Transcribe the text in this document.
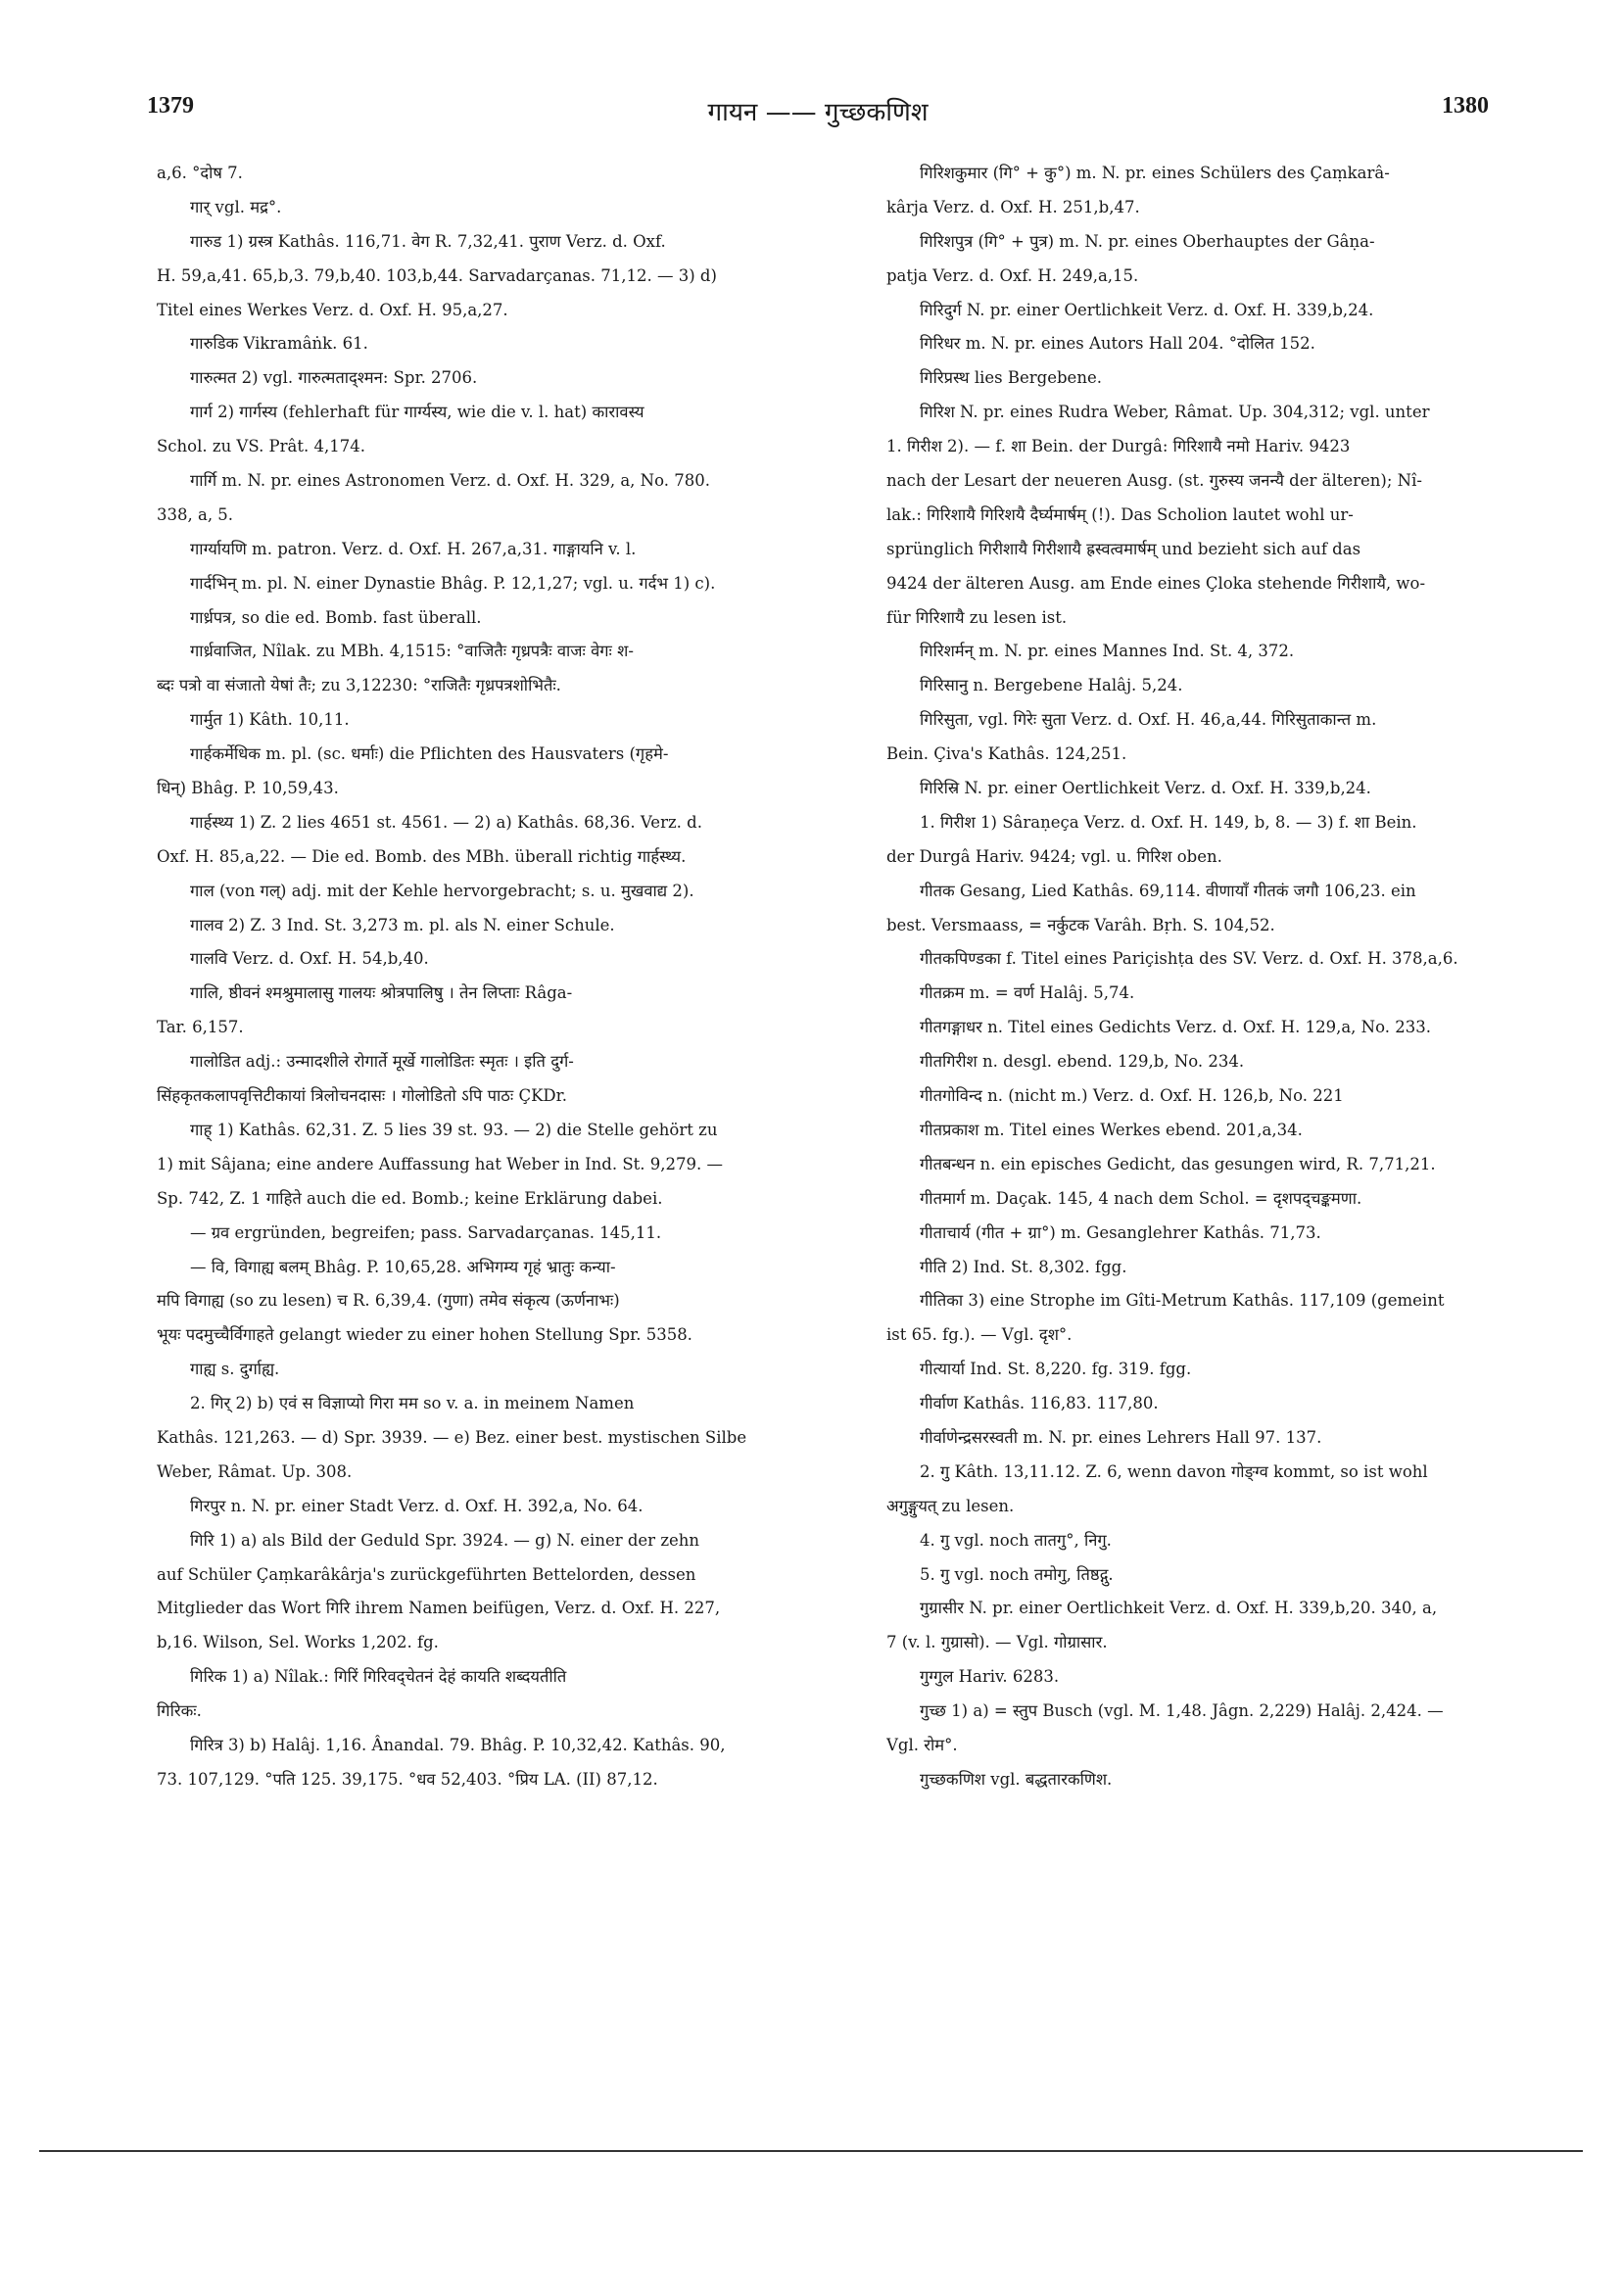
1379	गायन —— गुच्छकणिश	1380
a,6. °दोष 7.
गार् vgl. मद्र°.
गारुड 1) ग्रस्त्र Kathâs. 116,71. वेग R. 7,32,41. पुराण Verz. d. Oxf.
H. 59,a,41. 65,b,3. 79,b,40. 103,b,44. Sarvadarçanas. 71,12. — 3) d)
Titel eines Werkes Verz. d. Oxf. H. 95,a,27.
गारुडिक Vikramâṅk. 61.
गारुत्मत 2) vgl. गारुत्मताद्श्मन: Spr. 2706.
गार्ग 2) गार्गस्य (fehlerhaft für गार्ग्यस्य, wie die v. l. hat) कारावस्य
Schol. zu VS. Prât. 4,174.
गार्गि m. N. pr. eines Astronomen Verz. d. Oxf. H. 329, a, No. 780.
338, a, 5.
गार्ग्यायणि m. patron. Verz. d. Oxf. H. 267,a,31. गाङ्गायनि v. l.
गार्दभिन् m. pl. N. einer Dynastie Bhâg. P. 12,1,27; vgl. u. गर्दभ 1) c).
गार्ध्रपत्र, so die ed. Bomb. fast überall.
गार्ध्रवाजित, Nîlak. zu MBh. 4,1515: °वाजितैः गृध्रपत्रैः वाजः वेगः श-
ब्दः पत्रो वा संजातो येषां तैः; zu 3,12230: °राजितैः गृध्रपत्रशोभितैः.
गार्मुत 1) Kâth. 10,11.
गार्हकर्मेधिक m. pl. (sc. धर्माः) die Pflichten des Hausvaters (गृहमे-
धिन्) Bhâg. P. 10,59,43.
गार्हस्थ्य 1) Z. 2 lies 4651 st. 4561. — 2) a) Kathâs. 68,36. Verz. d.
Oxf. H. 85,a,22. — Die ed. Bomb. des MBh. überall richtig गार्हस्थ्य.
गाल (von गल्) adj. mit der Kehle hervorgebracht; s. u. मुखवाद्य 2).
गालव 2) Z. 3 Ind. St. 3,273 m. pl. als N. einer Schule.
गालवि Verz. d. Oxf. H. 54,b,40.
गालि, ष्ठीवनं श्मश्रुमालासु गालयः श्रोत्रपालिषु । तेन लिप्ताः Râga-
Tar. 6,157.
गालोडित adj.: उन्मादशीले रोगार्ते मूर्खे गालोडितः स्मृतः । इति दुर्ग-
सिंहकृतकलापवृत्तिटीकायां त्रिलोचनदासः । गोलोडितो ऽपि पाठः ÇKDr.
गाह् 1) Kathâs. 62,31. Z. 5 lies 39 st. 93. — 2) die Stelle gehört zu
1) mit Sâjana; eine andere Auffassung hat Weber in Ind. St. 9,279. —
Sp. 742, Z. 1 गाहिते auch die ed. Bomb.; keine Erklärung dabei.
— ग्रव ergründen, begreifen; pass. Sarvadarçanas. 145,11.
— वि, विगाह्य बलम् Bhâg. P. 10,65,28. अभिगम्य गृहं भ्रातुः कन्या-
मपि विगाह्य (so zu lesen) च R. 6,39,4. (गुणा) तमेव संकृत्य (ऊर्णनाभः)
भूयः पदमुच्चैर्विगाहते gelangt wieder zu einer hohen Stellung Spr. 5358.
गाह्य s. दुर्गाह्य.
2. गिर् 2) b) एवं स विज्ञाप्यो गिरा मम so v. a. in meinem Namen
Kathâs. 121,263. — d) Spr. 3939. — e) Bez. einer best. mystischen Silbe
Weber, Râmat. Up. 308.
गिरपुर n. N. pr. einer Stadt Verz. d. Oxf. H. 392,a, No. 64.
गिरि 1) a) als Bild der Geduld Spr. 3924. — g) N. einer der zehn
auf Schüler Çaṃkarâkârja's zurückgeführten Bettelorden, dessen
Mitglieder das Wort गिरि ihrem Namen beifügen, Verz. d. Oxf. H. 227,
b,16. Wilson, Sel. Works 1,202. fg.
गिरिक 1) a) Nîlak.: गिरिं गिरिवद्चेतनं देहं कायति शब्दयतीति
गिरिकः.
गिरित्र 3) b) Halâj. 1,16. Ânandal. 79. Bhâg. P. 10,32,42. Kathâs. 90,
73. 107,129. °पति 125. 39,175. °धव 52,403. °प्रिय LA. (II) 87,12.
गिरिशकुमार (गि° + कु°) m. N. pr. eines Schülers des Çaṃkarâ-
kârja Verz. d. Oxf. H. 251,b,47.
गिरिशपुत्र (गि° + पुत्र) m. N. pr. eines Oberhauptes der Gâṇa-
patja Verz. d. Oxf. H. 249,a,15.
गिरिदुर्ग N. pr. einer Oertlichkeit Verz. d. Oxf. H. 339,b,24.
गिरिधर m. N. pr. eines Autors Hall 204. °दोलित 152.
गिरिप्रस्थ lies Bergebene.
गिरिश N. pr. eines Rudra Weber, Râmat. Up. 304,312; vgl. unter
1. गिरीश 2). — f. शा Bein. der Durgâ: गिरिशायै नमो Hariv. 9423
nach der Lesart der neueren Ausg. (st. गुरुस्य जनन्यै der älteren); Nî-
lak.: गिरिशायै गिरिशयै दैर्घ्यमार्षम् (!). Das Scholion lautet wohl ur-
sprünglich गिरीशायै गिरीशायै ह्रस्वत्वमार्षम् und bezieht sich auf das
9424 der älteren Ausg. am Ende eines Çloka stehende गिरीशायै, wo-
für गिरिशायै zu lesen ist.
गिरिशर्मन् m. N. pr. eines Mannes Ind. St. 4, 372.
गिरिसानु n. Bergebene Halâj. 5,24.
गिरिसुता, vgl. गिरेः सुता Verz. d. Oxf. H. 46,a,44. गिरिसुताकान्त m.
Bein. Çiva's Kathâs. 124,251.
गिरिस्रि N. pr. einer Oertlichkeit Verz. d. Oxf. H. 339,b,24.
1. गिरीश 1) Sâraṇeça Verz. d. Oxf. H. 149, b, 8. — 3) f. शा Bein.
der Durgâ Hariv. 9424; vgl. u. गिरिश oben.
गीतक Gesang, Lied Kathâs. 69,114. वीणायाँ गीतकं जगौ 106,23. ein
best. Versmaass, = नर्कुटक Varâh. Bṛh. S. 104,52.
गीतकपिण्डका f. Titel eines Pariçishṭa des SV. Verz. d. Oxf. H. 378,a,6.
गीतक्रम m. = वर्ण Halâj. 5,74.
गीतगङ्गाधर n. Titel eines Gedichts Verz. d. Oxf. H. 129,a, No. 233.
गीतगिरीश n. desgl. ebend. 129,b, No. 234.
गीतगोविन्द n. (nicht m.) Verz. d. Oxf. H. 126,b, No. 221
गीतप्रकाश m. Titel eines Werkes ebend. 201,a,34.
गीतबन्धन n. ein episches Gedicht, das gesungen wird, R. 7,71,21.
गीतमार्ग m. Daçak. 145, 4 nach dem Schol. = दृशपद्चङ्कमणा.
गीताचार्य (गीत + ग्रा°) m. Gesanglehrer Kathâs. 71,73.
गीति 2) Ind. St. 8,302. fgg.
गीतिका 3) eine Strophe im Gîti-Metrum Kathâs. 117,109 (gemeint
ist 65. fg.). — Vgl. दृश°.
गीत्यार्या Ind. St. 8,220. fg. 319. fgg.
गीर्वाण Kathâs. 116,83. 117,80.
गीर्वाणेन्द्रसरस्वती m. N. pr. eines Lehrers Hall 97. 137.
2. गु Kâth. 13,11.12. Z. 6, wenn davon गोङ्ग्व kommt, so ist wohl
अगुङ्गुयत् zu lesen.
4. गु vgl. noch तातगु°, निगु.
5. गु vgl. noch तमोगु, तिष्ठद्गु.
गुग्रासीर N. pr. einer Oertlichkeit Verz. d. Oxf. H. 339,b,20. 340, a,
7 (v. l. गुग्रासो). — Vgl. गोग्रासार.
गुग्गुल Hariv. 6283.
गुच्छ 1) a) = स्तुप Busch (vgl. M. 1,48. Jâgn. 2,229) Halâj. 2,424. —
Vgl. रोम°.
गुच्छकणिश vgl. बद्धतारकणिश.
